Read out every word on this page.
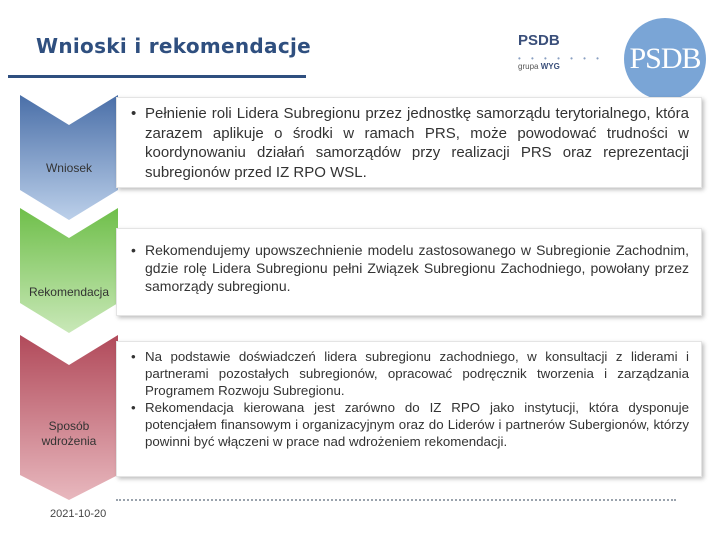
Wnioski i rekomendacje	PSDB
• • • • • • •
grupa WYG PSDB
Wniosek
Rekomendacja
Sposób
wdrożenia
• Pełnienie roli Lidera Subregionu przez jednostkę samorządu terytorialnego, która zarazem aplikuje o środki w ramach PRS, może powodować trudności w koordynowaniu działań samorządów przy realizacji PRS oraz reprezentacji subregionów przed IZ RPO WSL.
• Rekomendujemy upowszechnienie modelu zastosowanego w Subregionie Zachodnim, gdzie rolę Lidera Subregionu pełni Związek Subregionu Zachodniego, powołany przez samorządy subregionu.
• Na podstawie doświadczeń lidera subregionu zachodniego, w konsultacji z liderami i partnerami pozostałych subregionów, opracować podręcznik tworzenia i zarządzania Programem Rozwoju Subregionu.
• Rekomendacja kierowana jest zarówno do IZ RPO jako instytucji, która dysponuje potencjałem finansowym i organizacyjnym oraz do Liderów i partnerów Subergionów, którzy powinni być włączeni w prace nad wdrożeniem rekomendacji.
2021-10-20
